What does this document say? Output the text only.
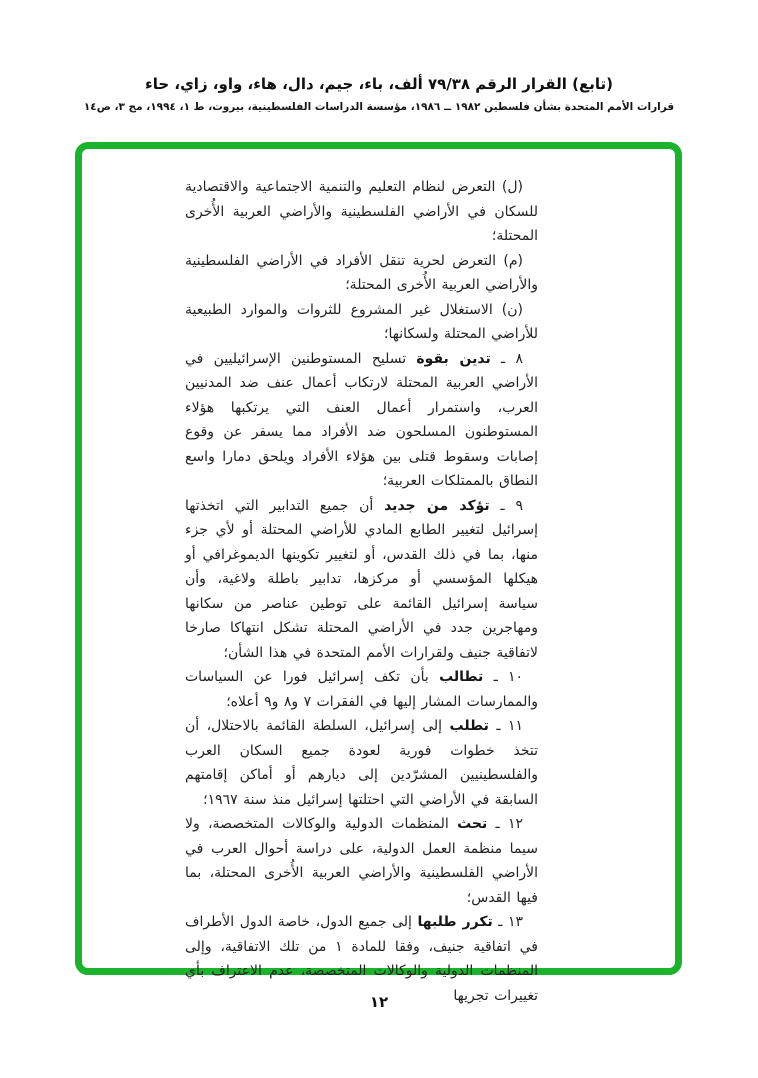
(تابع) القرار الرقم ٧٩/٣٨ ألف، باء، جيم، دال، هاء، واو، زاي، حاء
قرارات الأمم المتحدة بشأن فلسطين ١٩٨٢ ــ ١٩٨٦، مؤسسة الدراسات الفلسطينية، بيروت، ط ١، ١٩٩٤، مج ٣، ص١٤

(ل) التعرض لنظام التعليم والتنمية الاجتماعية والاقتصادية للسكان في الأراضي الفلسطينية والأراضي العربية الأُخرى المحتلة؛

(م) التعرض لحرية تنقل الأفراد في الأراضي الفلسطينية والأراضي العربية الأُخرى المحتلة؛

(ن) الاستغلال غير المشروع للثروات والموارد الطبيعية للأراضي المحتلة ولسكانها؛

٨ ـ تدين بقوة تسليح المستوطنين الإسرائيليين في الأراضي العربية المحتلة لارتكاب أعمال عنف ضد المدنيين العرب، واستمرار أعمال العنف التي يرتكبها هؤلاء المستوطنون المسلحون ضد الأفراد مما يسفر عن وقوع إصابات وسقوط قتلى بين هؤلاء الأفراد ويلحق دمارا واسع النطاق بالممتلكات العربية؛

٩ ـ تؤكد من جديد أن جميع التدابير التي اتخذتها إسرائيل لتغيير الطابع المادي للأراضي المحتلة أو لأي جزء منها، بما في ذلك القدس، أو لتغيير تكوينها الديموغرافي أو هيكلها المؤسسي أو مركزها، تدابير باطلة ولاغية، وأن سياسة إسرائيل القائمة على توطين عناصر من سكانها ومهاجرين جدد في الأراضي المحتلة تشكل انتهاكا صارخا لاتفاقية جنيف ولقرارات الأمم المتحدة في هذا الشأن؛

١٠ ـ تطالب بأن تكف إسرائيل فورا عن السياسات والممارسات المشار إليها في الفقرات ٧ و٨ و٩ أعلاه؛

١١ ـ تطلب إلى إسرائيل، السلطة القائمة بالاحتلال، أن تتخذ خطوات فورية لعودة جميع السكان العرب والفلسطينيين المشرّدين إلى ديارهم أو أماكن إقامتهم السابقة في الأراضي التي احتلتها إسرائيل منذ سنة ١٩٦٧؛

١٢ ـ تحث المنظمات الدولية والوكالات المتخصصة، ولا سيما منظمة العمل الدولية، على دراسة أحوال العرب في الأراضي الفلسطينية والأراضي العربية الأُخرى المحتلة، بما فيها القدس؛

١٣ ـ تكرر طلبها إلى جميع الدول، خاصة الدول الأطراف في اتفاقية جنيف، وفقا للمادة ١ من تلك الاتفاقية، وإلى المنظمات الدولية والوكالات المتخصصة، عدم الاعتراف بأي تغييرات تجريها

١٢
